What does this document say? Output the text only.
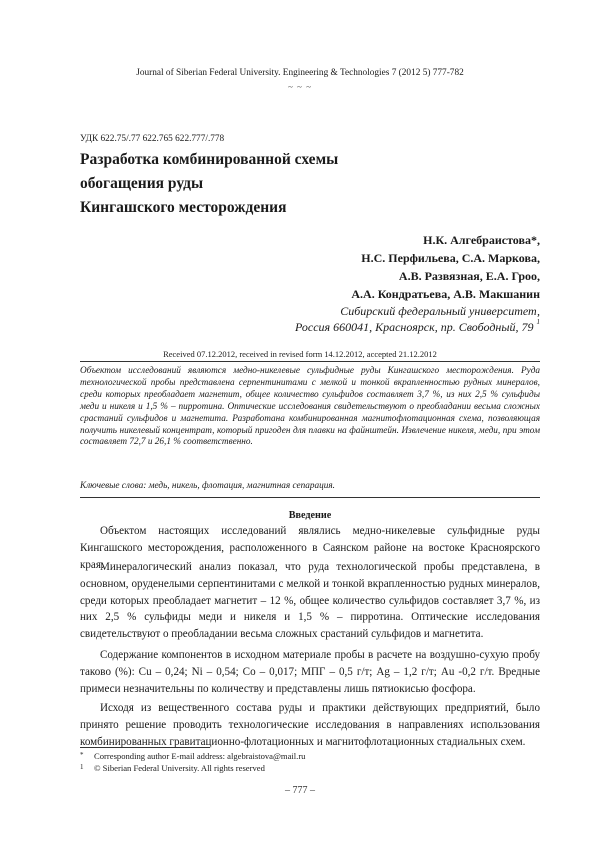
Journal of Siberian Federal University. Engineering & Technologies 7 (2012 5) 777-782
~ ~ ~
УДК 622.75/.77 622.765 622.777/.778
Разработка комбинированной схемы
обогащения руды
Кингашского месторождения
Н.К. Алгебраистова*,
Н.С. Перфильева, С.А. Маркова,
А.В. Развязная, Е.А. Гроо,
А.А. Кондратьева, А.В. Макшанин
Сибирский федеральный университет,
Россия 660041, Красноярск, пр. Свободный, 79 $^1$
Received 07.12.2012, received in revised form 14.12.2012, accepted 21.12.2012
Объектом исследований являются медно-никелевые сульфидные руды Кингашского месторождения. Руда технологической пробы представлена серпентинитами с мелкой и тонкой вкрапленностью рудных минералов, среди которых преобладает магнетит, общее количество сульфидов составляет 3,7 %, из них 2,5 % сульфиды меди и никеля и 1,5 % – пирротина. Оптические исследования свидетельствуют о преобладании весьма сложных срастаний сульфидов и магнетита. Разработана комбинированная магнитофлотационная схема, позволяющая получить никелевый концентрат, который пригоден для плавки на файнштейн. Извлечение никеля, меди, при этом составляет 72,7 и 26,1 % соответственно.
Ключевые слова: медь, никель, флотация, магнитная сепарация.
Введение
Объектом настоящих исследований являлись медно-никелевые сульфидные руды Кингашского месторождения, расположенного в Саянском районе на востоке Красноярского края.
Минералогический анализ показал, что руда технологической пробы представлена, в основном, оруденелыми серпентинитами с мелкой и тонкой вкрапленностью рудных минералов, среди которых преобладает магнетит – 12 %, общее количество сульфидов составляет 3,7 %, из них 2,5 % сульфиды меди и никеля и 1,5 % – пирротина. Оптические исследования свидетельствуют о преобладании весьма сложных срастаний сульфидов и магнетита.
Содержание компонентов в исходном материале пробы в расчете на воздушно-сухую пробу таково (%): Cu – 0,24; Ni – 0,54; Co – 0,017; МПГ – 0,5 г/т; Ag – 1,2 г/т; Au -0,2 г/т. Вредные примеси незначительны по количеству и представлены лишь пятиокисью фосфора.
Исходя из вещественного состава руды и практики действующих предприятий, было принято решение проводить технологические исследования в направлениях использования комбинированных гравитационно-флотационных и магнитофлотационных стадиальных схем.
* Corresponding author E-mail address: algebraistova@mail.ru
1 © Siberian Federal University. All rights reserved
– 777 –
